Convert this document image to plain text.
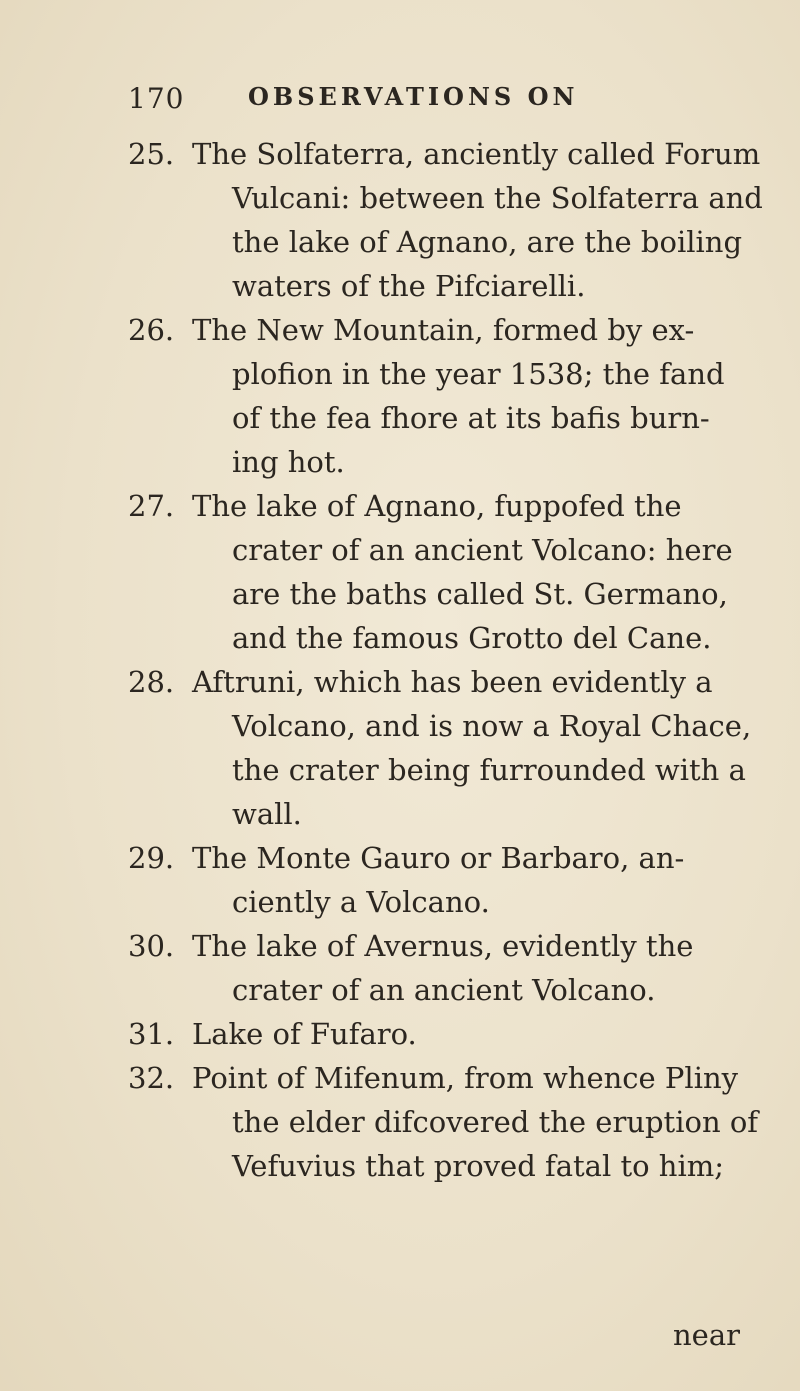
170	OBSERVATIONS ON
25. The Solfaterra, anciently called Forum
Vulcani: between the Solfaterra and
the lake of Agnano, are the boiling
waters of the Pifciarelli.
26. The New Mountain, formed by ex-
plofion in the year 1538; the fand
of the fea fhore at its bafis burn-
ing hot.
27. The lake of Agnano, fuppofed the
crater of an ancient Volcano: here
are the baths called St. Germano,
and the famous Grotto del Cane.
28. Aftruni, which has been evidently a
Volcano, and is now a Royal Chace,
the crater being furrounded with a
wall.
29. The Monte Gauro or Barbaro, an-
ciently a Volcano.
30. The lake of Avernus, evidently the
crater of an ancient Volcano.
31. Lake of Fufaro.
32. Point of Mifenum, from whence Pliny
the elder difcovered the eruption of
Vefuvius that proved fatal to him;
near
